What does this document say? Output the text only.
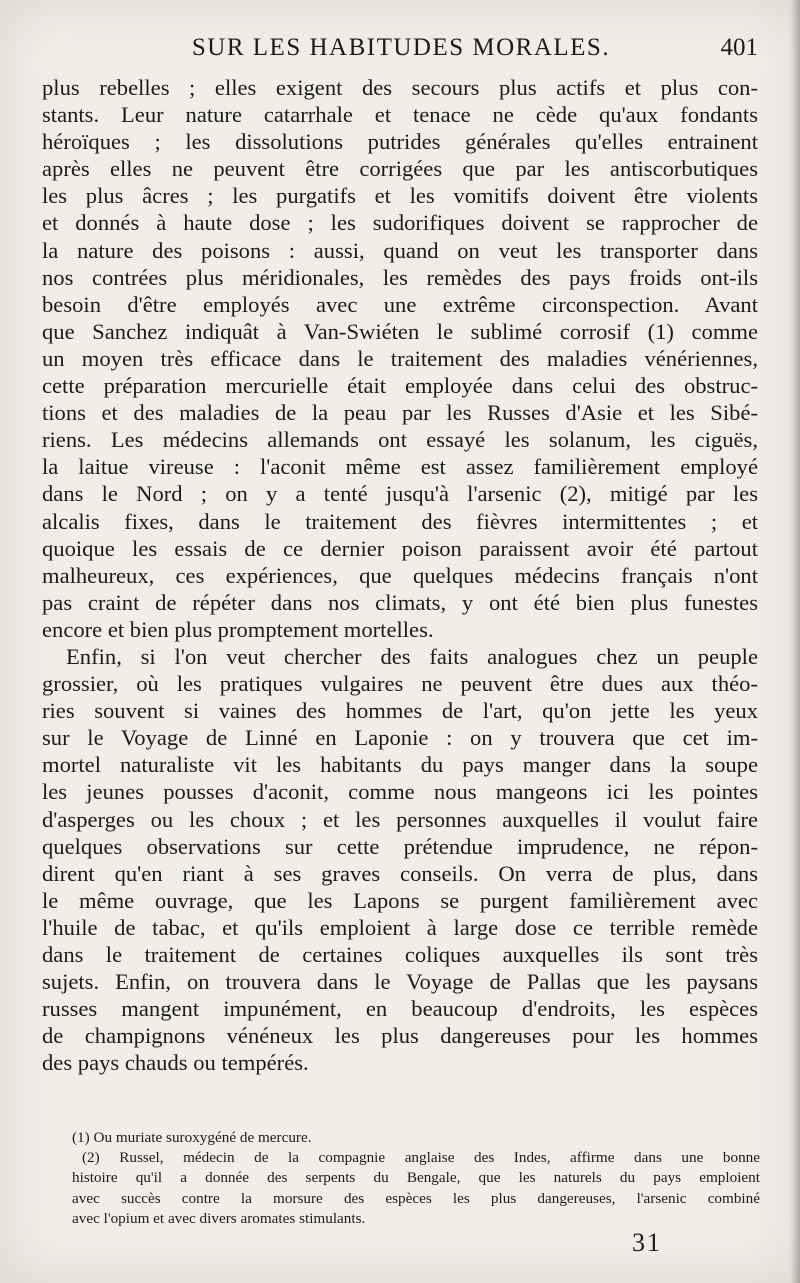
SUR LES HABITUDES MORALES.	401

plus rebelles ; elles exigent des secours plus actifs et plus con-
stants. Leur nature catarrhale et tenace ne cède qu'aux fondants
héroïques ; les dissolutions putrides générales qu'elles entrainent
après elles ne peuvent être corrigées que par les antiscorbutiques
les plus âcres ; les purgatifs et les vomitifs doivent être violents
et donnés à haute dose ; les sudorifiques doivent se rapprocher de
la nature des poisons : aussi, quand on veut les transporter dans
nos contrées plus méridionales, les remèdes des pays froids ont-ils
besoin d'être employés avec une extrême circonspection. Avant
que Sanchez indiquât à Van-Swiéten le sublimé corrosif (1) comme
un moyen très efficace dans le traitement des maladies vénériennes,
cette préparation mercurielle était employée dans celui des obstruc-
tions et des maladies de la peau par les Russes d'Asie et les Sibé-
riens. Les médecins allemands ont essayé les solanum, les ciguës,
la laitue vireuse : l'aconit même est assez familièrement employé
dans le Nord ; on y a tenté jusqu'à l'arsenic (2), mitigé par les
alcalis fixes, dans le traitement des fièvres intermittentes ; et
quoique les essais de ce dernier poison paraissent avoir été partout
malheureux, ces expériences, que quelques médecins français n'ont
pas craint de répéter dans nos climats, y ont été bien plus funestes
encore et bien plus promptement mortelles.

Enfin, si l'on veut chercher des faits analogues chez un peuple
grossier, où les pratiques vulgaires ne peuvent être dues aux théo-
ries souvent si vaines des hommes de l'art, qu'on jette les yeux
sur le Voyage de Linné en Laponie : on y trouvera que cet im-
mortel naturaliste vit les habitants du pays manger dans la soupe
les jeunes pousses d'aconit, comme nous mangeons ici les pointes
d'asperges ou les choux ; et les personnes auxquelles il voulut faire
quelques observations sur cette prétendue imprudence, ne répon-
dirent qu'en riant à ses graves conseils. On verra de plus, dans
le même ouvrage, que les Lapons se purgent familièrement avec
l'huile de tabac, et qu'ils emploient à large dose ce terrible remède
dans le traitement de certaines coliques auxquelles ils sont très
sujets. Enfin, on trouvera dans le Voyage de Pallas que les paysans
russes mangent impunément, en beaucoup d'endroits, les espèces
de champignons vénéneux les plus dangereuses pour les hommes
des pays chauds ou tempérés.

(1) Ou muriate suroxygéné de mercure.
(2) Russel, médecin de la compagnie anglaise des Indes, affirme dans une bonne
histoire qu'il a donnée des serpents du Bengale, que les naturels du pays emploient
avec succès contre la morsure des espèces les plus dangereuses, l'arsenic combiné
avec l'opium et avec divers aromates stimulants.
31
